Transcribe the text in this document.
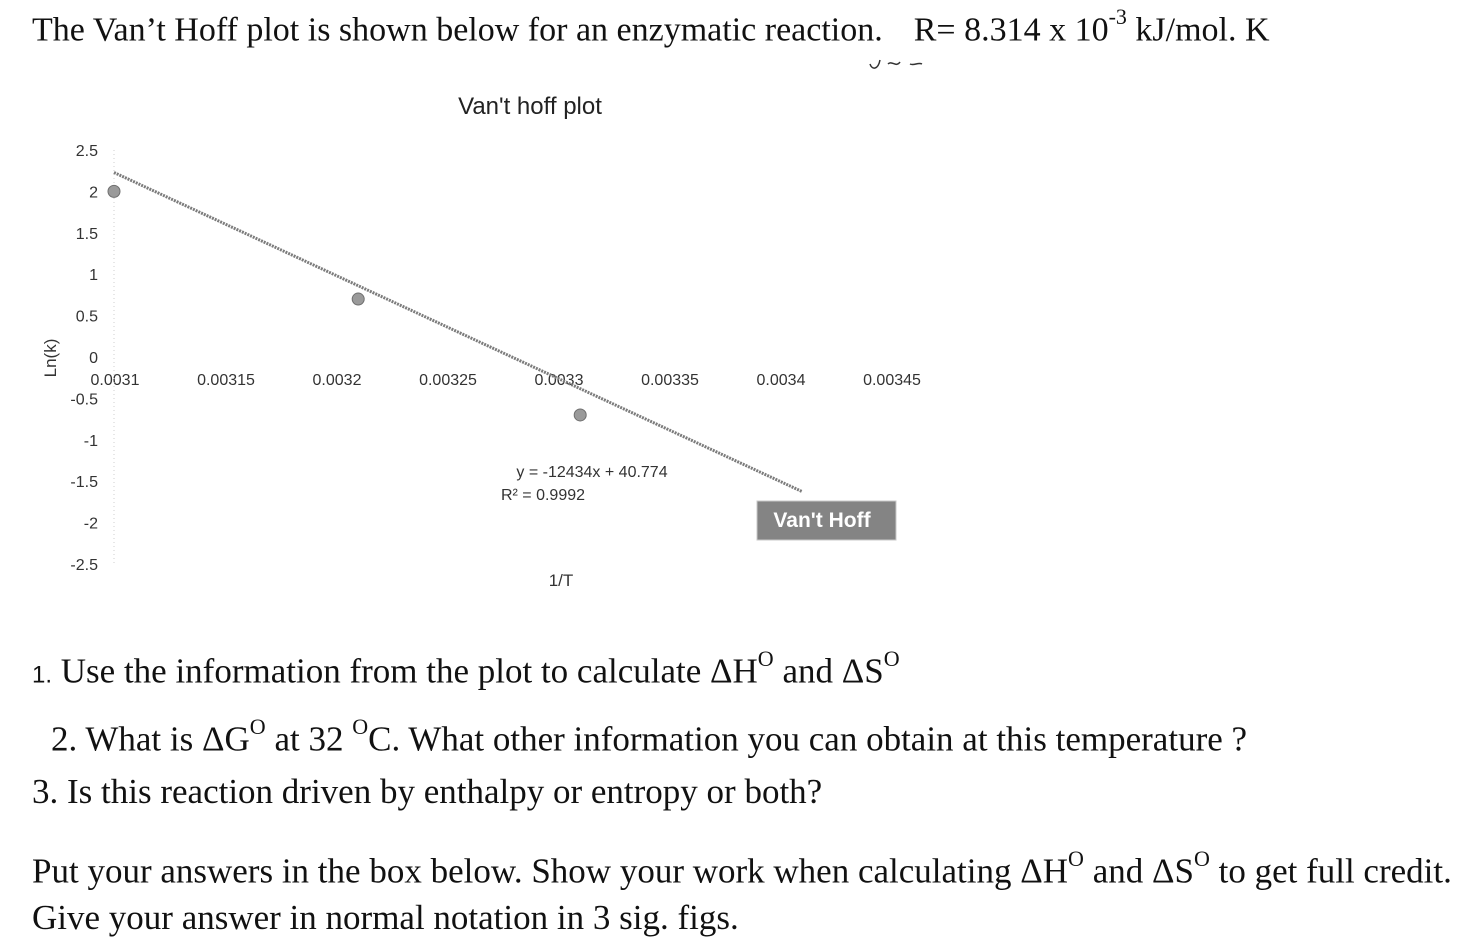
The Van’t Hoff plot is shown below for an enzymatic reaction. R= 8.314 x $10^{-3}$ kJ/mol. K
Van't hoff plot
2.5
2
1.5
1
0.5
0
-0.5
-1
-1.5
-2
-2.5
0.0031	0.00315	0.0032	0.00325	0.0033	0.00335	0.0034	0.00345
y = -12434x + 40.774
R² = 0.9992
1/T
Ln(k)
Van't Hoff
1. Use the information from the plot to calculate $\Delta H^O$ and $\Delta S^O$
2. What is $\Delta G^O$ at 32 $^O$C. What other information you can obtain at this temperature ?
3. Is this reaction driven by enthalpy or entropy or both?
Put your answers in the box below. Show your work when calculating $\Delta H^O$ and $\Delta S^O$ to get full credit. Give your answer in normal notation in 3 sig. figs.
